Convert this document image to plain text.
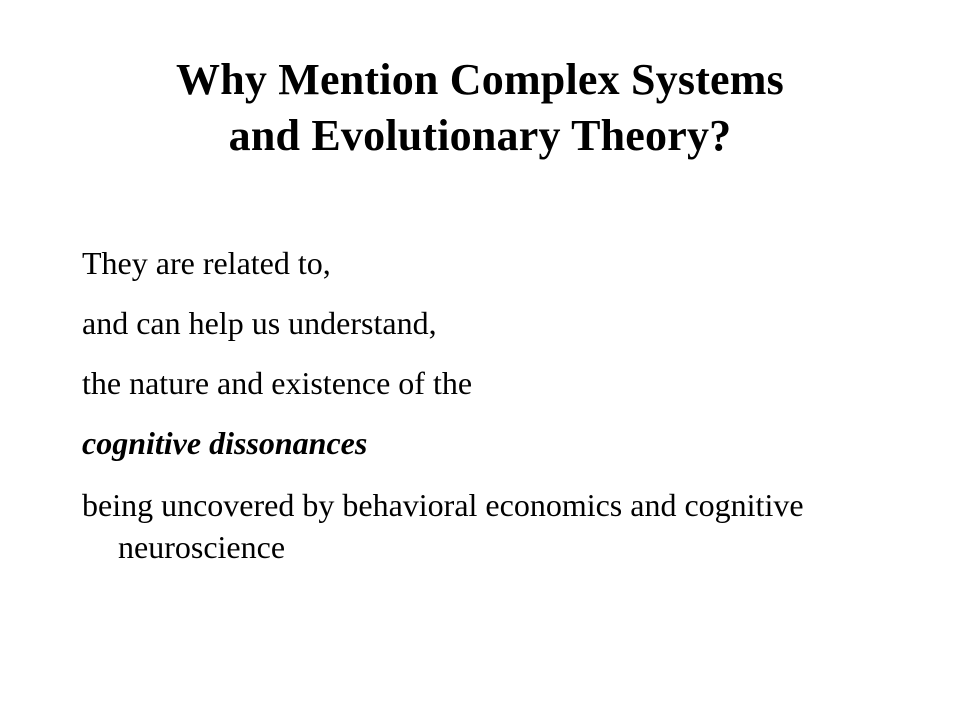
Why Mention Complex Systems
and Evolutionary Theory?
They are related to,
and can help us understand,
the nature and existence of the
cognitive dissonances
being uncovered by behavioral economics and cognitive neuroscience
